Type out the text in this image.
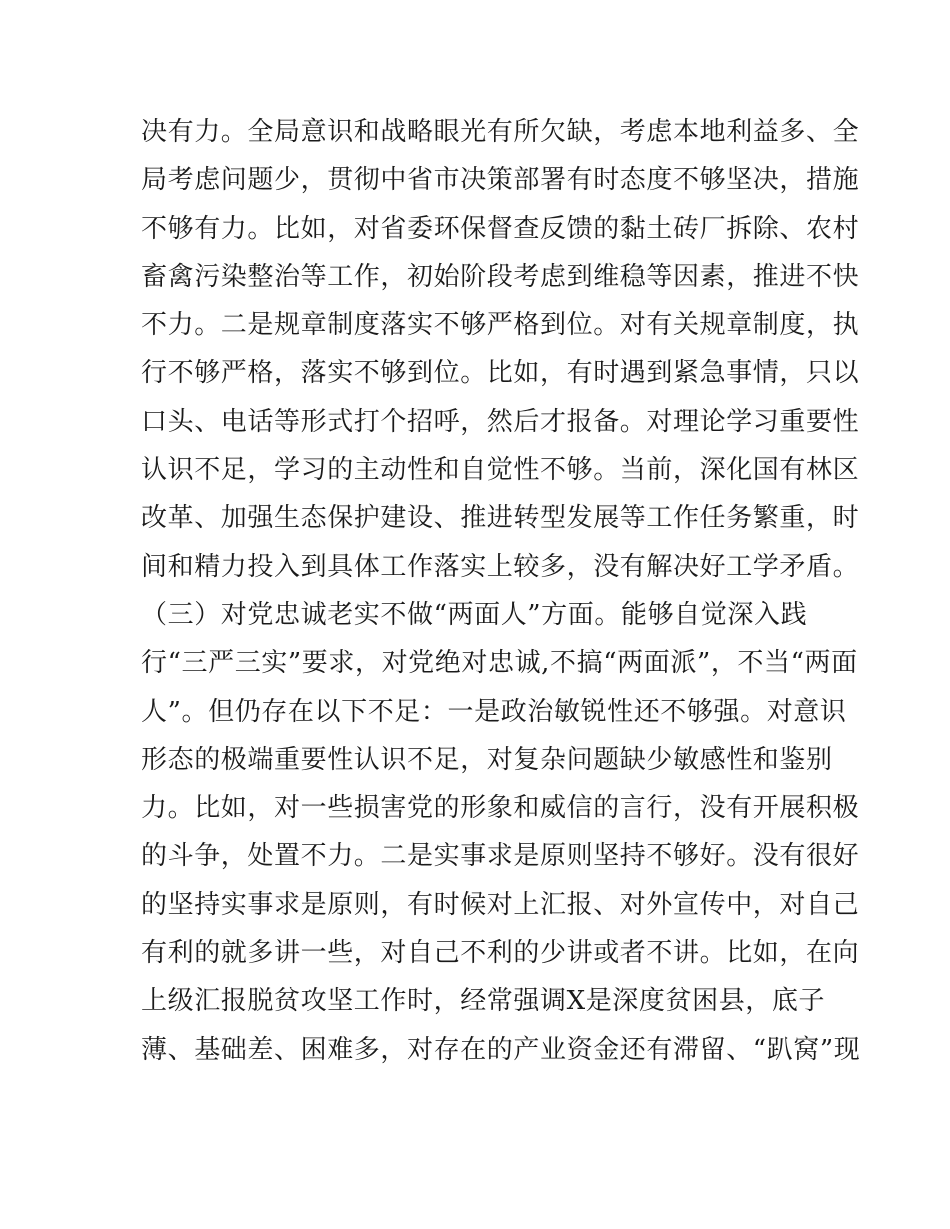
决有力。全局意识和战略眼光有所欠缺，考虑本地利益多、全
局考虑问题少，贯彻中省市决策部署有时态度不够坚决，措施
不够有力。比如，对省委环保督查反馈的黏土砖厂拆除、农村
畜禽污染整治等工作，初始阶段考虑到维稳等因素，推进不快
不力。二是规章制度落实不够严格到位。对有关规章制度，执
行不够严格，落实不够到位。比如，有时遇到紧急事情，只以
口头、电话等形式打个招呼，然后才报备。对理论学习重要性
认识不足，学习的主动性和自觉性不够。当前，深化国有林区
改革、加强生态保护建设、推进转型发展等工作任务繁重，时
间和精力投入到具体工作落实上较多，没有解决好工学矛盾。
（三）对党忠诚老实不做“两面人”方面。能够自觉深入践
行“三严三实”要求，对党绝对忠诚,不搞“两面派”，不当“两面
人”。但仍存在以下不足：一是政治敏锐性还不够强。对意识
形态的极端重要性认识不足，对复杂问题缺少敏感性和鉴别
力。比如，对一些损害党的形象和威信的言行，没有开展积极
的斗争，处置不力。二是实事求是原则坚持不够好。没有很好
的坚持实事求是原则，有时候对上汇报、对外宣传中，对自己
有利的就多讲一些，对自己不利的少讲或者不讲。比如，在向
上级汇报脱贫攻坚工作时，经常强调X是深度贫困县，底子
薄、基础差、困难多，对存在的产业资金还有滞留、“趴窝”现
